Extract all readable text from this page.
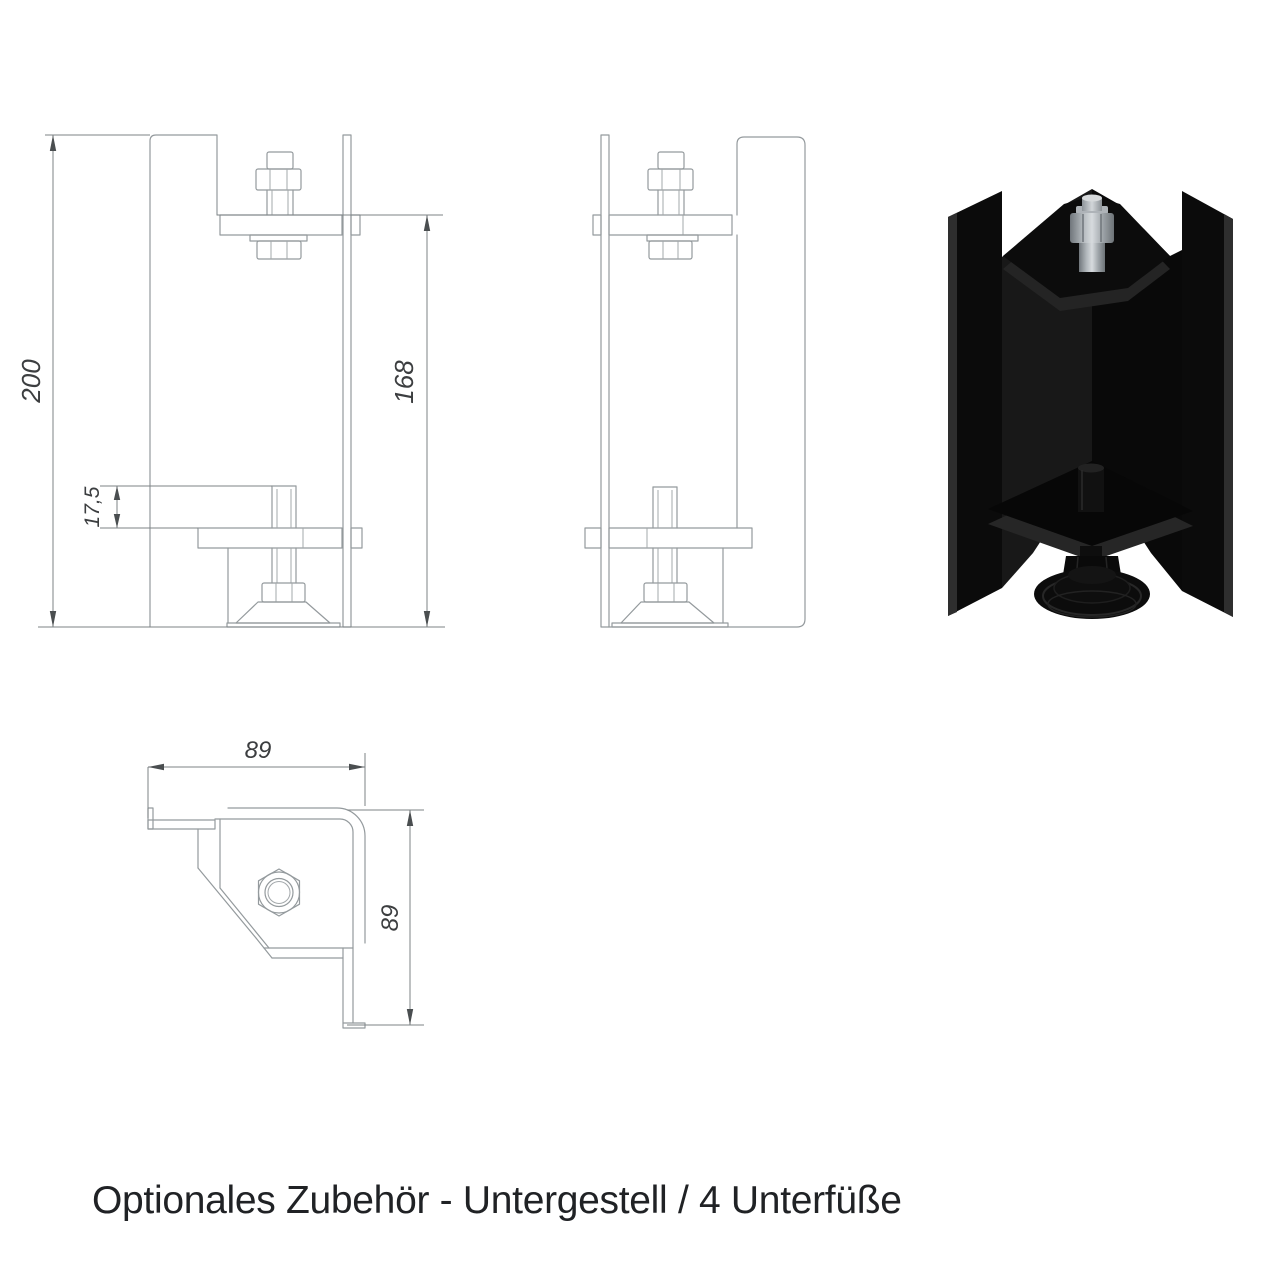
200	168
17,5
89
89
Optionales Zubehör - Untergestell / 4 Unterfüße
